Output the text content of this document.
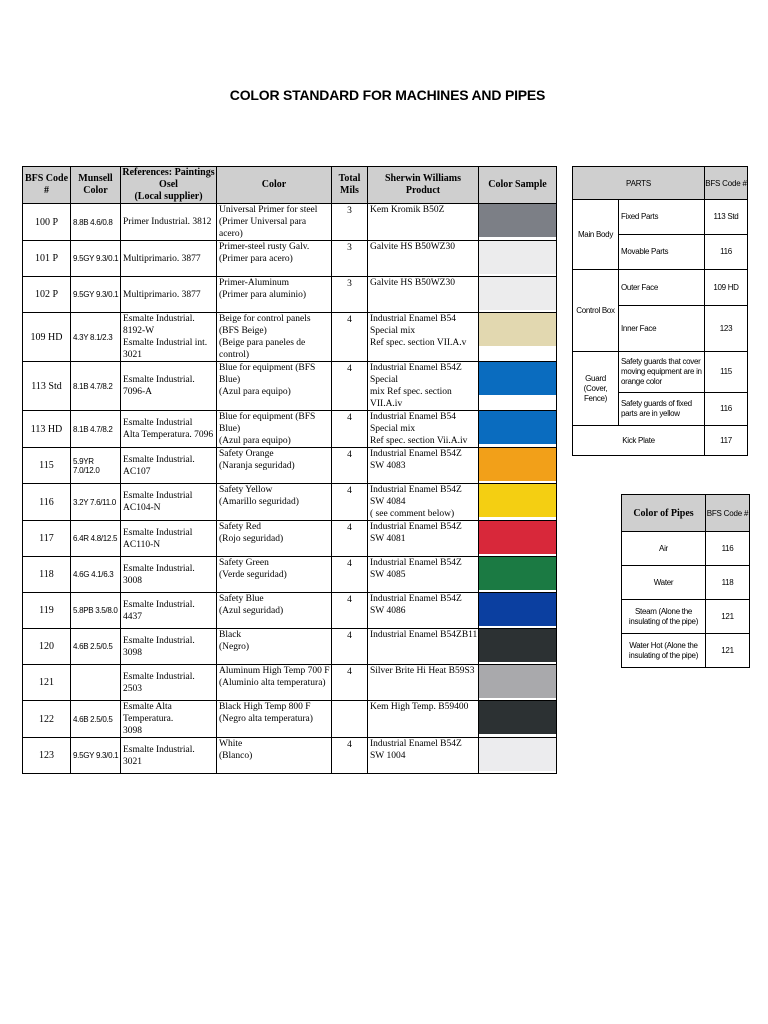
COLOR STANDARD FOR MACHINES AND PIPES
BFS Code #	Munsell Color	References: Paintings Osel
(Local supplier)	Color	Total Mils	Sherwin Williams Product	Color Sample
100 P	8.8B 4.6/0.8	Primer Industrial. 3812	Universal Primer for steel
(Primer Universal para acero)	3	Kem Kromik B50Z	

101 P	9.5GY 9.3/0.1	Multiprimario. 3877	Primer-steel rusty Galv.
(Primer para acero)	3	Galvite HS B50WZ30	

102 P	9.5GY 9.3/0.1	Multiprimario. 3877	Primer-Aluminum
(Primer para aluminio)	3	Galvite HS B50WZ30	

109 HD	4.3Y 8.1/2.3	Esmalte Industrial. 8192-W
Esmalte Industrial int. 3021	Beige for control panels (BFS Beige)
(Beige para paneles de control)	4	Industrial Enamel B54 Special mix
Ref spec. section VII.A.v	

113 Std	8.1B 4.7/8.2	Esmalte Industrial. 7096-A	Blue for equipment (BFS Blue)
(Azul para equipo)	4	Industrial Enamel B54Z Special
mix Ref spec. section VII.A.iv	

113 HD	8.1B 4.7/8.2	Esmalte Industrial
Alta Temperatura. 7096	Blue for equipment (BFS Blue)
(Azul para equipo)	4	Industrial Enamel B54 Special mix
Ref spec. section Vii.A.iv	

115	5.9YR 7.0/12.0	Esmalte Industrial. AC107	Safety Orange
(Naranja seguridad)	4	Industrial Enamel B54Z SW 4083	

116	3.2Y 7.6/11.0	Esmalte Industrial AC104-N	Safety Yellow
(Amarillo seguridad)	4	Industrial Enamel B54Z SW 4084
( see comment below)	

117	6.4R 4.8/12.5	Esmalte Industrial AC110-N	Safety Red
(Rojo seguridad)	4	Industrial Enamel B54Z SW 4081	

118	4.6G 4.1/6.3	Esmalte Industrial. 3008	Safety Green
(Verde seguridad)	4	Industrial Enamel B54Z SW 4085	

119	5.8PB 3.5/8.0	Esmalte Industrial. 4437	Safety Blue
(Azul seguridad)	4	Industrial Enamel B54Z SW 4086	

120	4.6B 2.5/0.5	Esmalte Industrial. 3098	Black
(Negro)	4	Industrial Enamel B54ZB11	

121		Esmalte Industrial. 2503	Aluminum High Temp 700 F
(Aluminio alta temperatura)	4	Silver Brite Hi Heat B59S3	

122	4.6B 2.5/0.5	Esmalte Alta Temperatura.
3098	Black High Temp 800 F
(Negro alta temperatura)		Kem High Temp. B59400	

123	9.5GY 9.3/0.1	Esmalte Industrial. 3021	White
(Blanco)	4	Industrial Enamel B54Z SW 1004	
PARTS		BFS Code #
Main Body	Fixed Parts	113 Std
	Movable Parts	116
Control Box	Outer Face	109 HD
	Inner Face	123
Guard (Cover, Fence)	Safety guards that cover moving equipment are in orange color	115
	Safety guards of fixed parts are in yellow	116
Kick Plate		117
Color of Pipes	BFS Code #
Air	116
Water	118
Steam (Alone the insulating of the pipe)	121
Water Hot (Alone the insulating of the pipe)	121
